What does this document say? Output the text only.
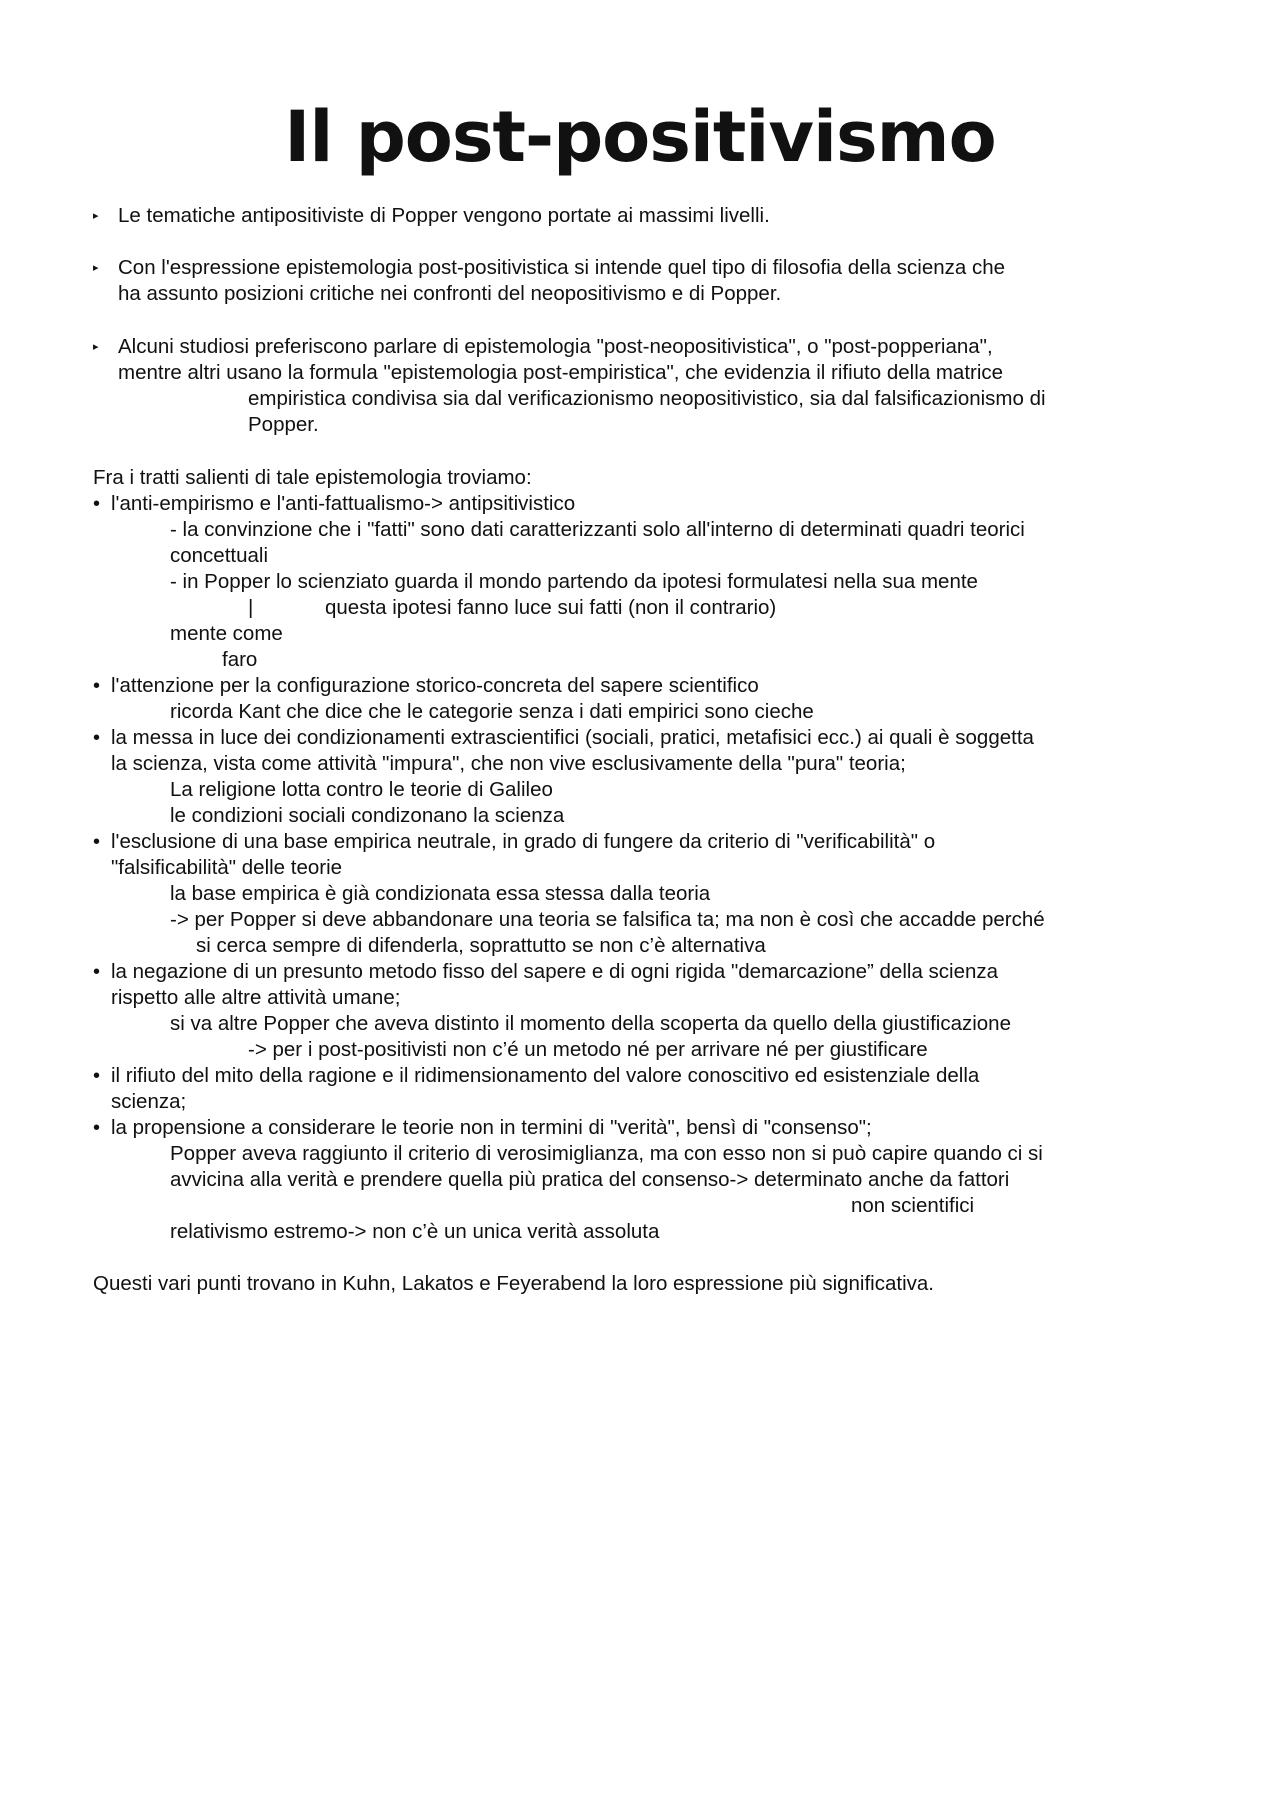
Il post-positivismo
▸ Le tematiche antipositiviste di Popper vengono portate ai massimi livelli.
▸ Con l'espressione epistemologia post-positivistica si intende quel tipo di filosofia della scienza che
ha assunto posizioni critiche nei confronti del neopositivismo e di Popper.
▸ Alcuni studiosi preferiscono parlare di epistemologia "post-neopositivistica", o "post-popperiana",
mentre altri usano la formula "epistemologia post-empiristica", che evidenzia il rifiuto della matrice
empiristica condivisa sia dal verificazionismo neopositivistico, sia dal falsificazionismo di
Popper.
Fra i tratti salienti di tale epistemologia troviamo:
• l'anti-empirismo e l'anti-fattualismo-> antipsitivistico
- la convinzione che i "fatti" sono dati caratterizzanti solo all'interno di determinati quadri teorici
concettuali
- in Popper lo scienziato guarda il mondo partendo da ipotesi formulatesi nella sua mente
|	questa ipotesi fanno luce sui fatti (non il contrario)
mente come
faro
• l'attenzione per la configurazione storico-concreta del sapere scientifico
ricorda Kant che dice che le categorie senza i dati empirici sono cieche
• la messa in luce dei condizionamenti extrascientifici (sociali, pratici, metafisici ecc.) ai quali è soggetta
la scienza, vista come attività "impura", che non vive esclusivamente della "pura" teoria;
La religione lotta contro le teorie di Galileo
le condizioni sociali condizonano la scienza
• l'esclusione di una base empirica neutrale, in grado di fungere da criterio di "verificabilità" o
"falsificabilità" delle teorie
la base empirica è già condizionata essa stessa dalla teoria
-> per Popper si deve abbandonare una teoria se falsifica ta; ma non è così che accadde perché
si cerca sempre di difenderla, soprattutto se non c’è alternativa
• la negazione di un presunto metodo fisso del sapere e di ogni rigida "demarcazione” della scienza
rispetto alle altre attività umane;
si va altre Popper che aveva distinto il momento della scoperta da quello della giustificazione
-> per i post-positivisti non c’é un metodo né per arrivare né per giustificare
• il rifiuto del mito della ragione e il ridimensionamento del valore conoscitivo ed esistenziale della
scienza;
• la propensione a considerare le teorie non in termini di "verità", bensì di "consenso";
Popper aveva raggiunto il criterio di verosimiglianza, ma con esso non si può capire quando ci si
avvicina alla verità e prendere quella più pratica del consenso-> determinato anche da fattori
non scientifici
relativismo estremo-> non c’è un unica verità assoluta
Questi vari punti trovano in Kuhn, Lakatos e Feyerabend la loro espressione più significativa.
